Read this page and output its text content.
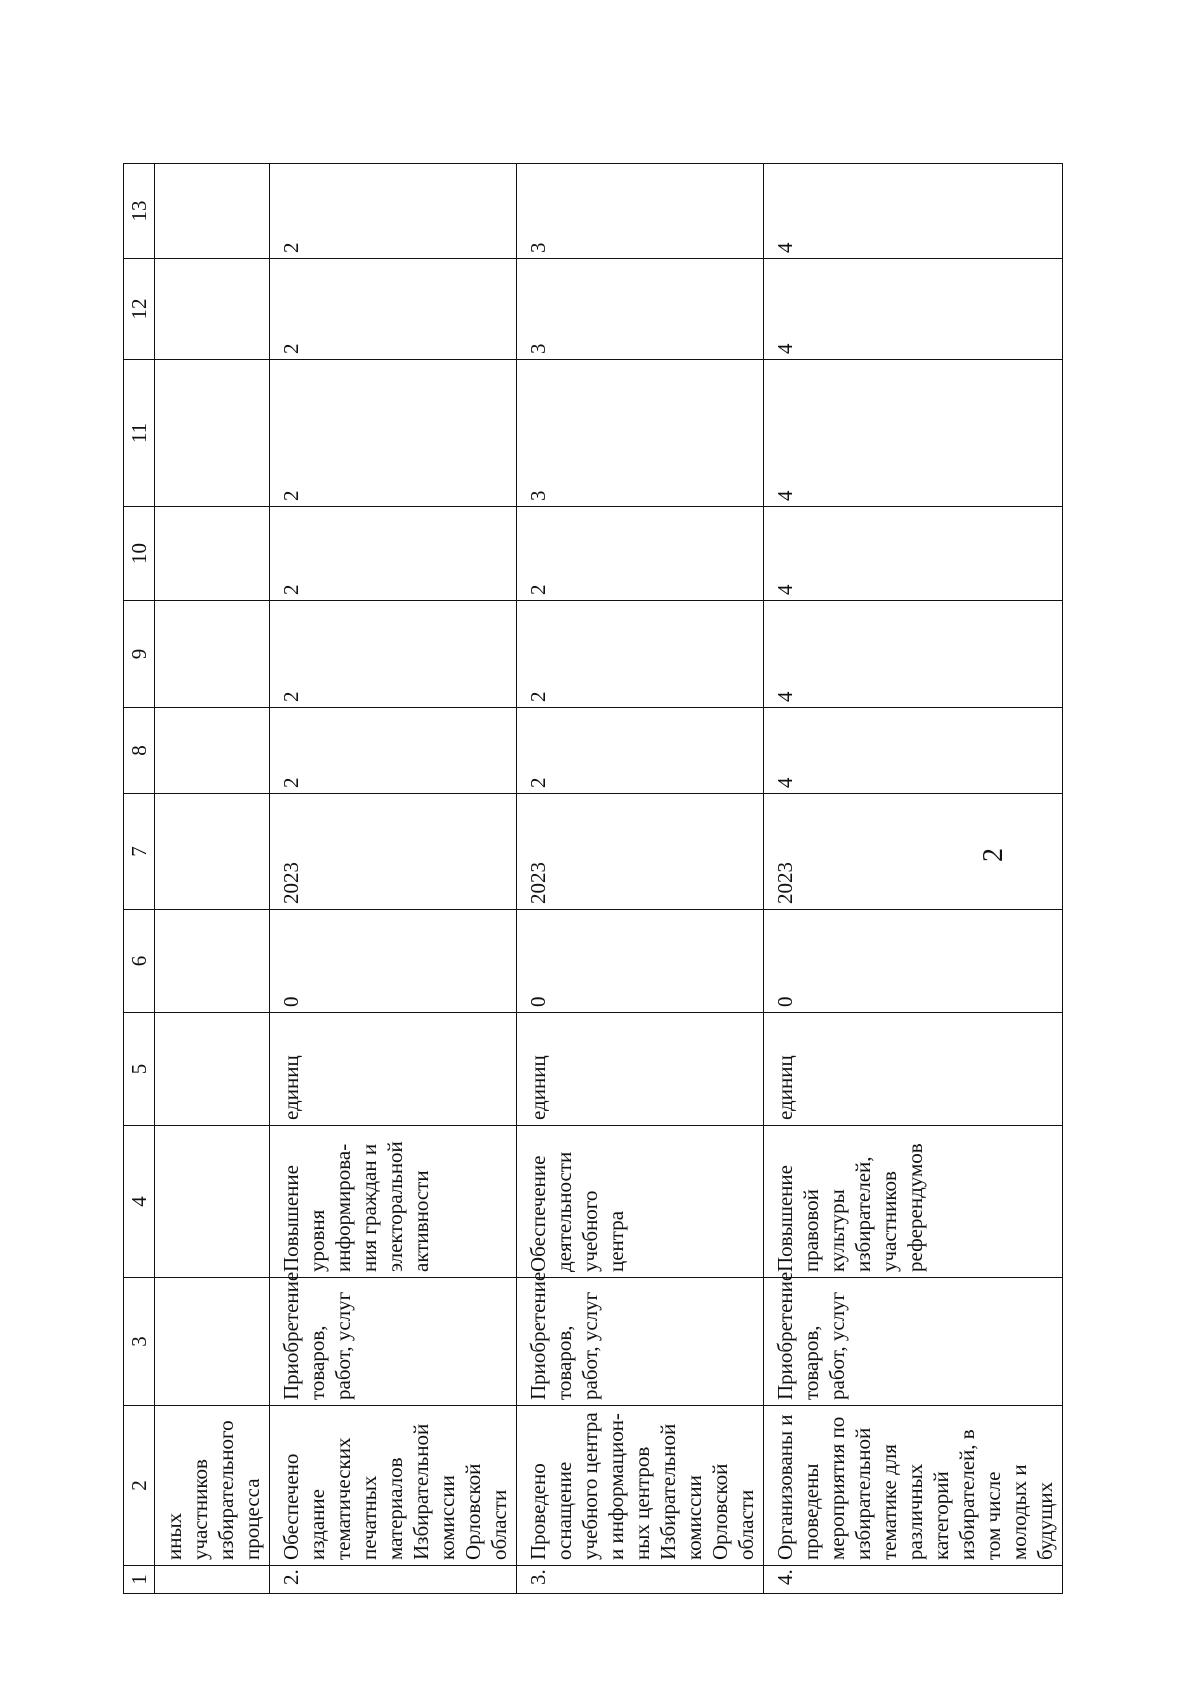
2
1	2	3	4	5	6	7	8	9	10	11	12	13
	иных участников избирательного процесса											
2.	Обеспечено издание тематических печатных материалов Избирательной комиссии Орловской области	Приобретение товаров, работ, услуг	Повышение уровня информирова-ния граждан и электоральной активности	единиц	0	2023	2	2	2	2	2	2
3.	Проведено оснащение учебного центра и информацион-ных центров Избирательной комиссии Орловской области	Приобретение товаров, работ, услуг	Обеспечение деятельности учебного центра	единиц	0	2023	2	2	2	3	3	3
4.	Организованы и проведены мероприятия по избирательной тематике для различных категорий избирателей, в том числе молодых и будущих	Приобретение товаров, работ, услуг	Повышение правовой культуры избирателей, участников референдумов	единиц	0	2023	4	4	4	4	4	4
